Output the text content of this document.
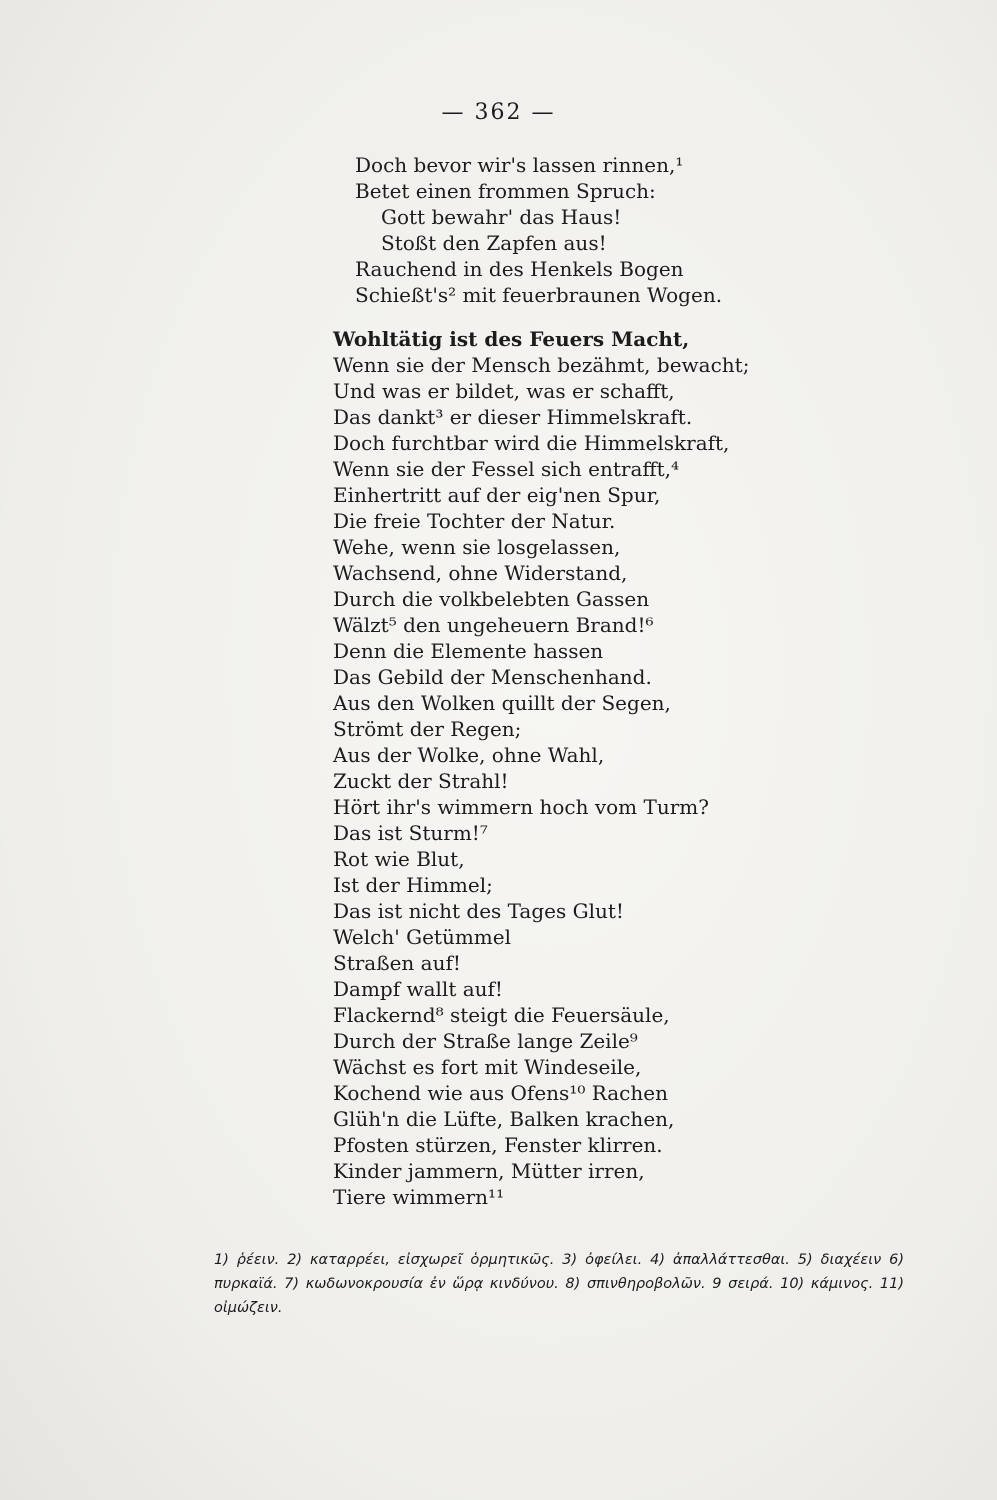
— 362 —
Doch bevor wir's lassen rinnen,¹
Betet einen frommen Spruch:
Gott bewahr' das Haus!
Stoßt den Zapfen aus!
Rauchend in des Henkels Bogen
Schießt's² mit feuerbraunen Wogen.
Wohltätig ist des Feuers Macht,
Wenn sie der Mensch bezähmt, bewacht;
Und was er bildet, was er schafft,
Das dankt³ er dieser Himmelskraft.
Doch furchtbar wird die Himmelskraft,
Wenn sie der Fessel sich entrafft,⁴
Einhertritt auf der eig'nen Spur,
Die freie Tochter der Natur.
Wehe, wenn sie losgelassen,
Wachsend, ohne Widerstand,
Durch die volkbelebten Gassen
Wälzt⁵ den ungeheuern Brand!⁶
Denn die Elemente hassen
Das Gebild der Menschenhand.
Aus den Wolken quillt der Segen,
Strömt der Regen;
Aus der Wolke, ohne Wahl,
Zuckt der Strahl!
Hört ihr's wimmern hoch vom Turm?
Das ist Sturm!⁷
Rot wie Blut,
Ist der Himmel;
Das ist nicht des Tages Glut!
Welch' Getümmel
Straßen auf!
Dampf wallt auf!
Flackernd⁸ steigt die Feuersäule,
Durch der Straße lange Zeile⁹
Wächst es fort mit Windeseile,
Kochend wie aus Ofens¹⁰ Rachen
Glüh'n die Lüfte, Balken krachen,
Pfosten stürzen, Fenster klirren.
Kinder jammern, Mütter irren,
Tiere wimmern¹¹
1) ῥέειν. 2) καταρρέει, εἰσχωρεῖ ὁρμητικῶς. 3) ὀφείλει. 4) ἀπαλλάττεσθαι. 5) διαχέειν 6) πυρκαϊά. 7) κωδωνοκρουσία ἐν ὥρᾳ κινδύνου. 8) σπινθηροβολῶν. 9 σειρά. 10) κάμινος. 11) οἰμώζειν.
